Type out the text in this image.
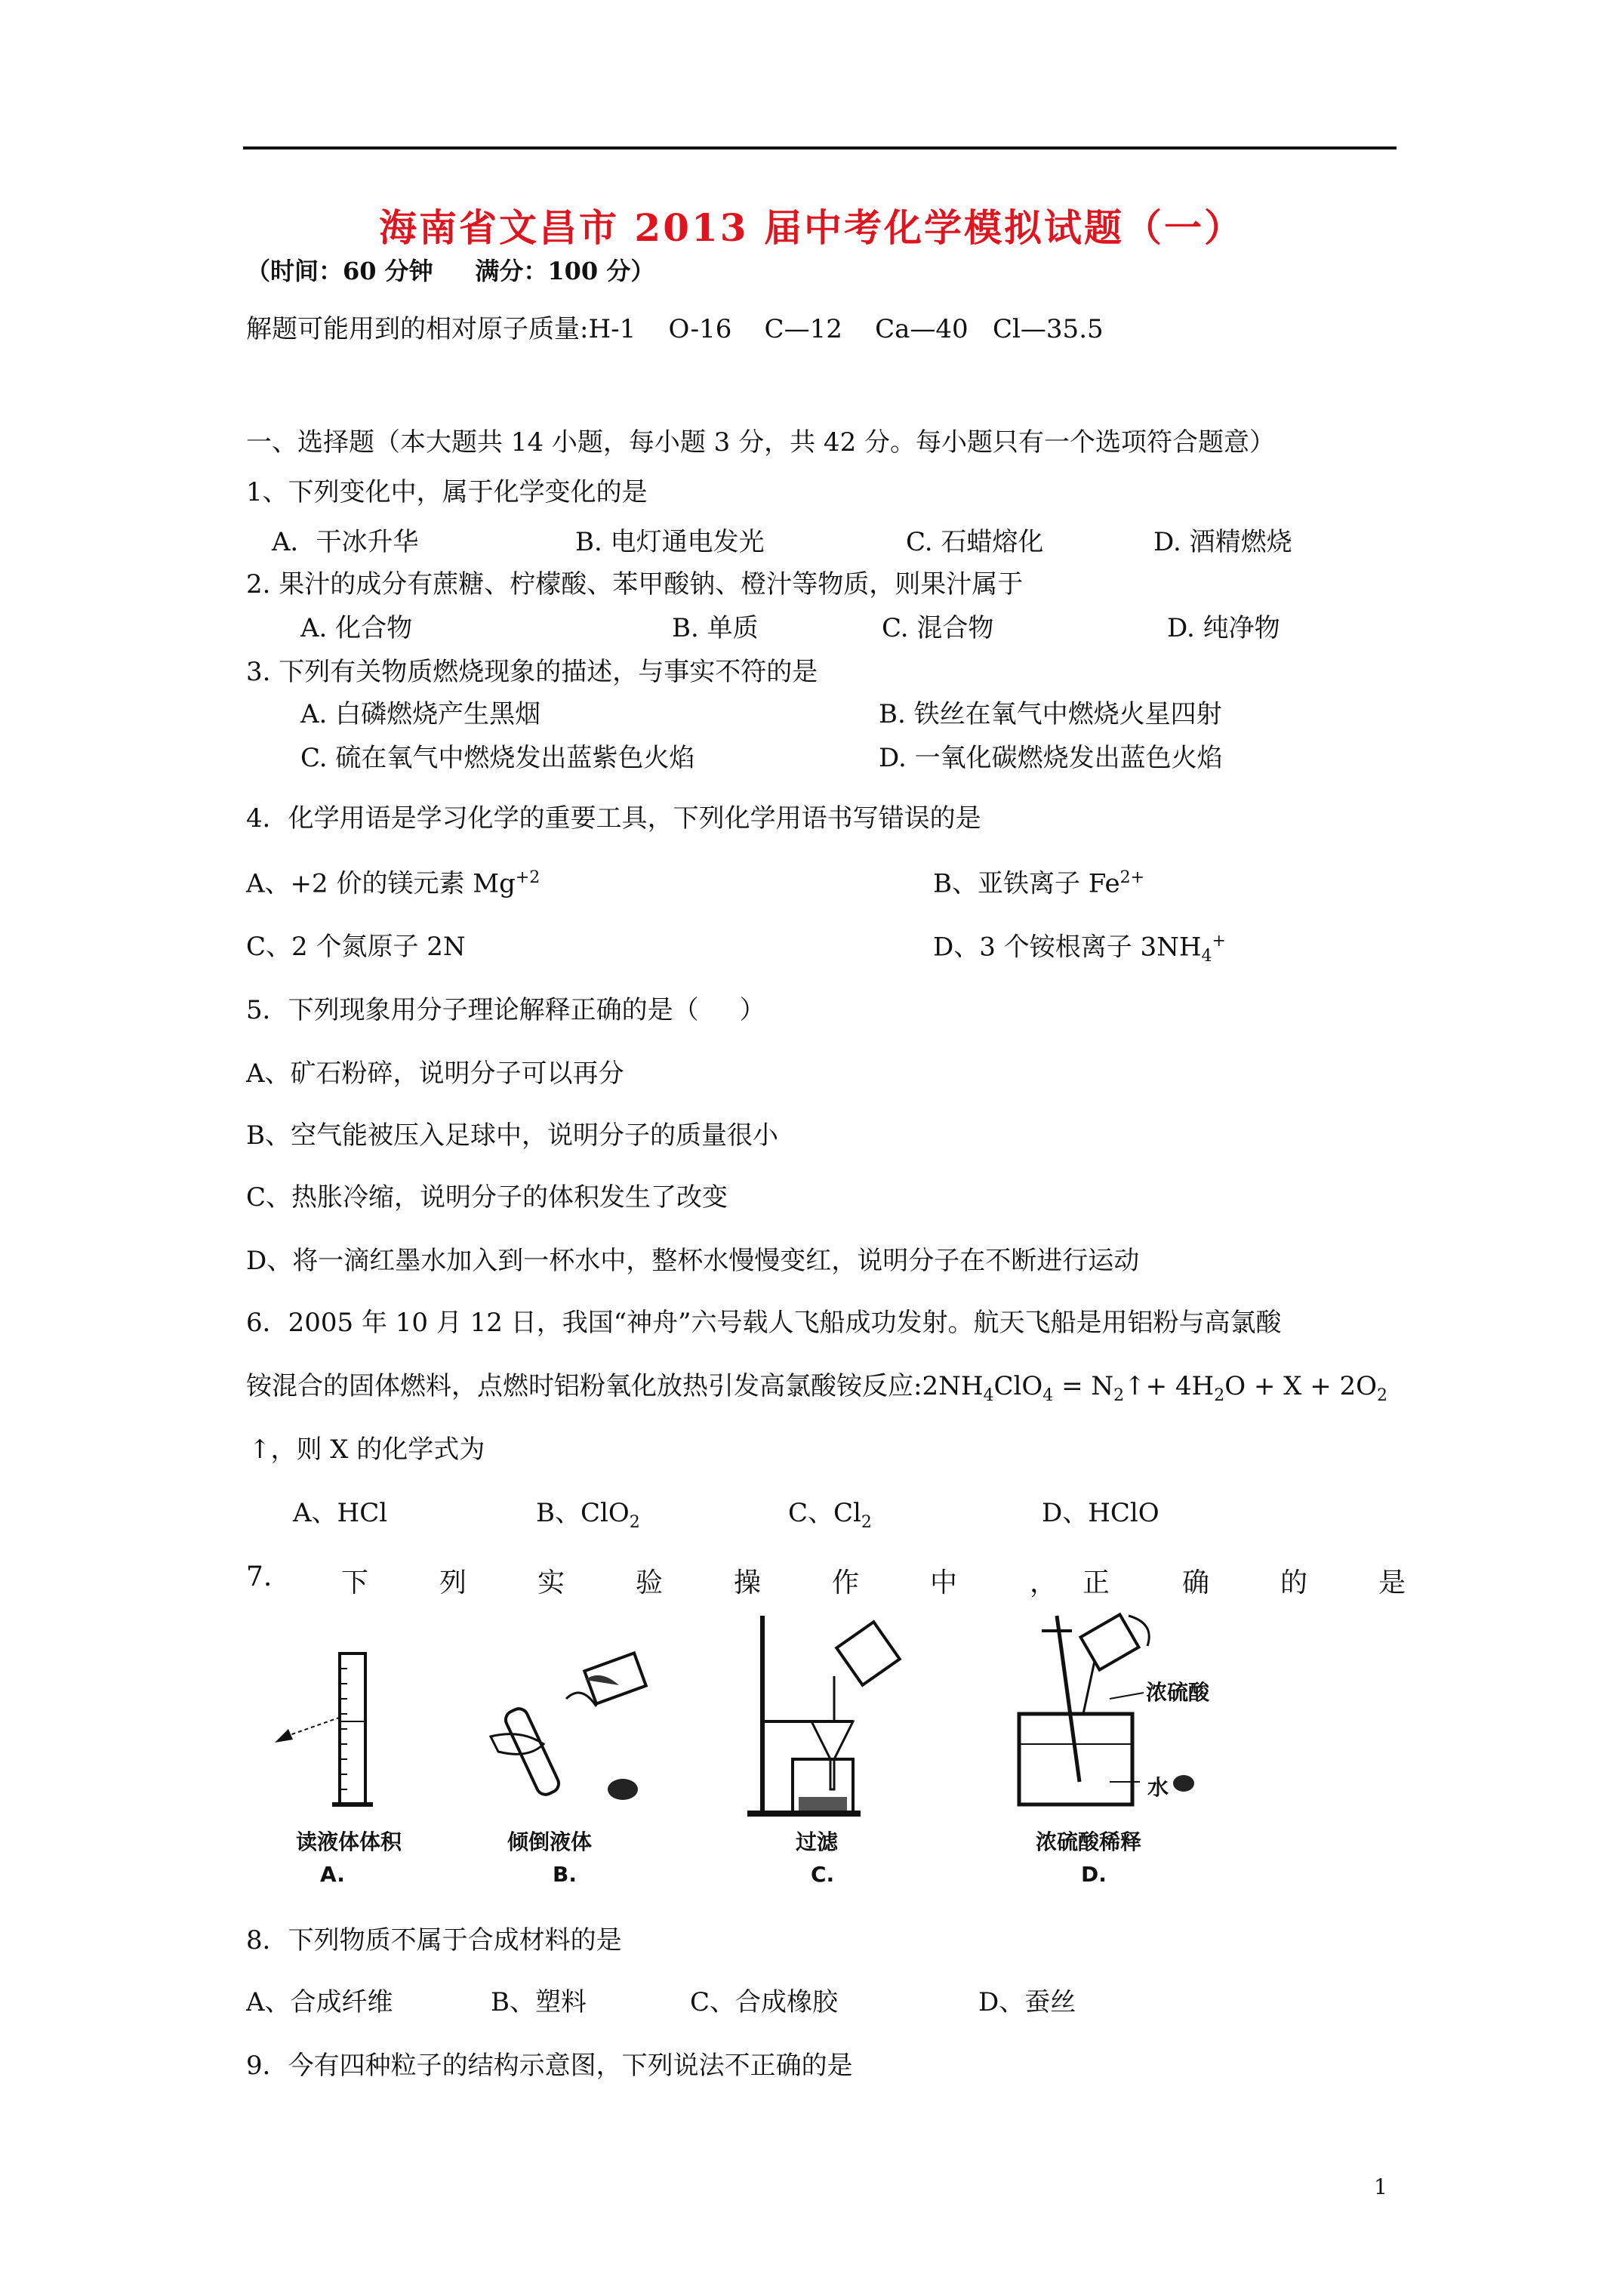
海南省文昌市 2013 届中考化学模拟试题（一）
（时间：60 分钟     满分：100 分）
解题可能用到的相对原子质量:H-1    O-16    C—12    Ca—40   Cl—35.5
一、选择题（本大题共 14 小题，每小题 3 分，共 42 分。每小题只有一个选项符合题意）
1、下列变化中，属于化学变化的是
A．干冰升华	B. 电灯通电发光	C. 石蜡熔化	D. 酒精燃烧
2. 果汁的成分有蔗糖、柠檬酸、苯甲酸钠、橙汁等物质，则果汁属于
A. 化合物	B. 单质	C. 混合物	D. 纯净物
3. 下列有关物质燃烧现象的描述，与事实不符的是
A. 白磷燃烧产生黑烟	B. 铁丝在氧气中燃烧火星四射
C. 硫在氧气中燃烧发出蓝紫色火焰	D. 一氧化碳燃烧发出蓝色火焰
4．化学用语是学习化学的重要工具，下列化学用语书写错误的是
A、+2 价的镁元素 $Mg^{+2}$	B、亚铁离子 $Fe^{2+}$
C、2 个氮原子 2N	D、3 个铵根离子 $3NH_4^+$
5．下列现象用分子理论解释正确的是（     ）
A、矿石粉碎，说明分子可以再分
B、空气能被压入足球中，说明分子的质量很小
C、热胀冷缩，说明分子的体积发生了改变
D、将一滴红墨水加入到一杯水中，整杯水慢慢变红，说明分子在不断进行运动
6．2005 年 10 月 12 日，我国“神舟”六号载人飞船成功发射。航天飞船是用铝粉与高氯酸
铵混合的固体燃料，点燃时铝粉氧化放热引发高氯酸铵反应$:2NH_4ClO_4$ = $N_2↑+ 4H_2O + X + 2O_2$
↑，则 X 的化学式为
A、HCl	B、ClO$_2$	C、$Cl_2$	D、HClO
7.	下	列	实	验	操	作	中	， 正	确	的	是
读液体体积
A.
倾倒液体
B.
过滤
C.
浓硫酸
水
浓硫酸稀释
D.
8．下列物质不属于合成材料的是
A、合成纤维	B、塑料	C、合成橡胶	D、蚕丝
9．今有四种粒子的结构示意图，下列说法不正确的是
1
